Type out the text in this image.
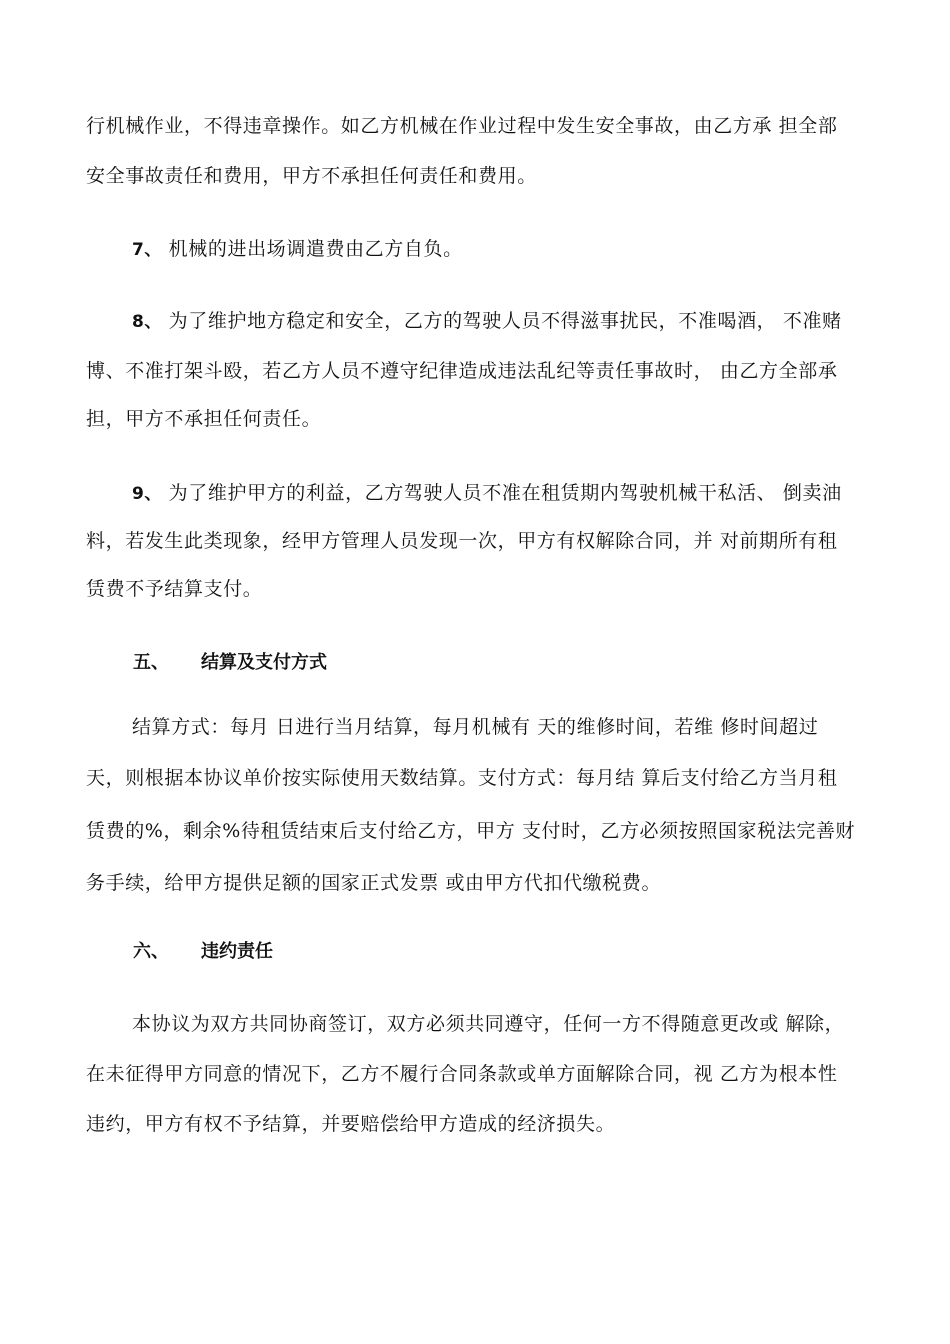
行机械作业，不得违章操作。如乙方机械在作业过程中发生安全事故，由乙方承 担全部
安全事故责任和费用，甲方不承担任何责任和费用。
7、 机械的进出场调遣费由乙方自负。
8、 为了维护地方稳定和安全，乙方的驾驶人员不得滋事扰民，不准喝酒， 不准赌
博、不准打架斗殴，若乙方人员不遵守纪律造成违法乱纪等责任事故时， 由乙方全部承
担，甲方不承担任何责任。
9、 为了维护甲方的利益，乙方驾驶人员不准在租赁期内驾驶机械干私活、 倒卖油
料，若发生此类现象，经甲方管理人员发现一次，甲方有权解除合同，并 对前期所有租
赁费不予结算支付。
五、 结算及支付方式
结算方式：每月 日进行当月结算，每月机械有 天的维修时间，若维 修时间超过
天，则根据本协议单价按实际使用天数结算。支付方式：每月结 算后支付给乙方当月租
赁费的%，剩余%待租赁结束后支付给乙方，甲方 支付时，乙方必须按照国家税法完善财
务手续，给甲方提供足额的国家正式发票 或由甲方代扣代缴税费。
六、 违约责任
本协议为双方共同协商签订，双方必须共同遵守，任何一方不得随意更改或 解除，
在未征得甲方同意的情况下，乙方不履行合同条款或单方面解除合同，视 乙方为根本性
违约，甲方有权不予结算，并要赔偿给甲方造成的经济损失。
